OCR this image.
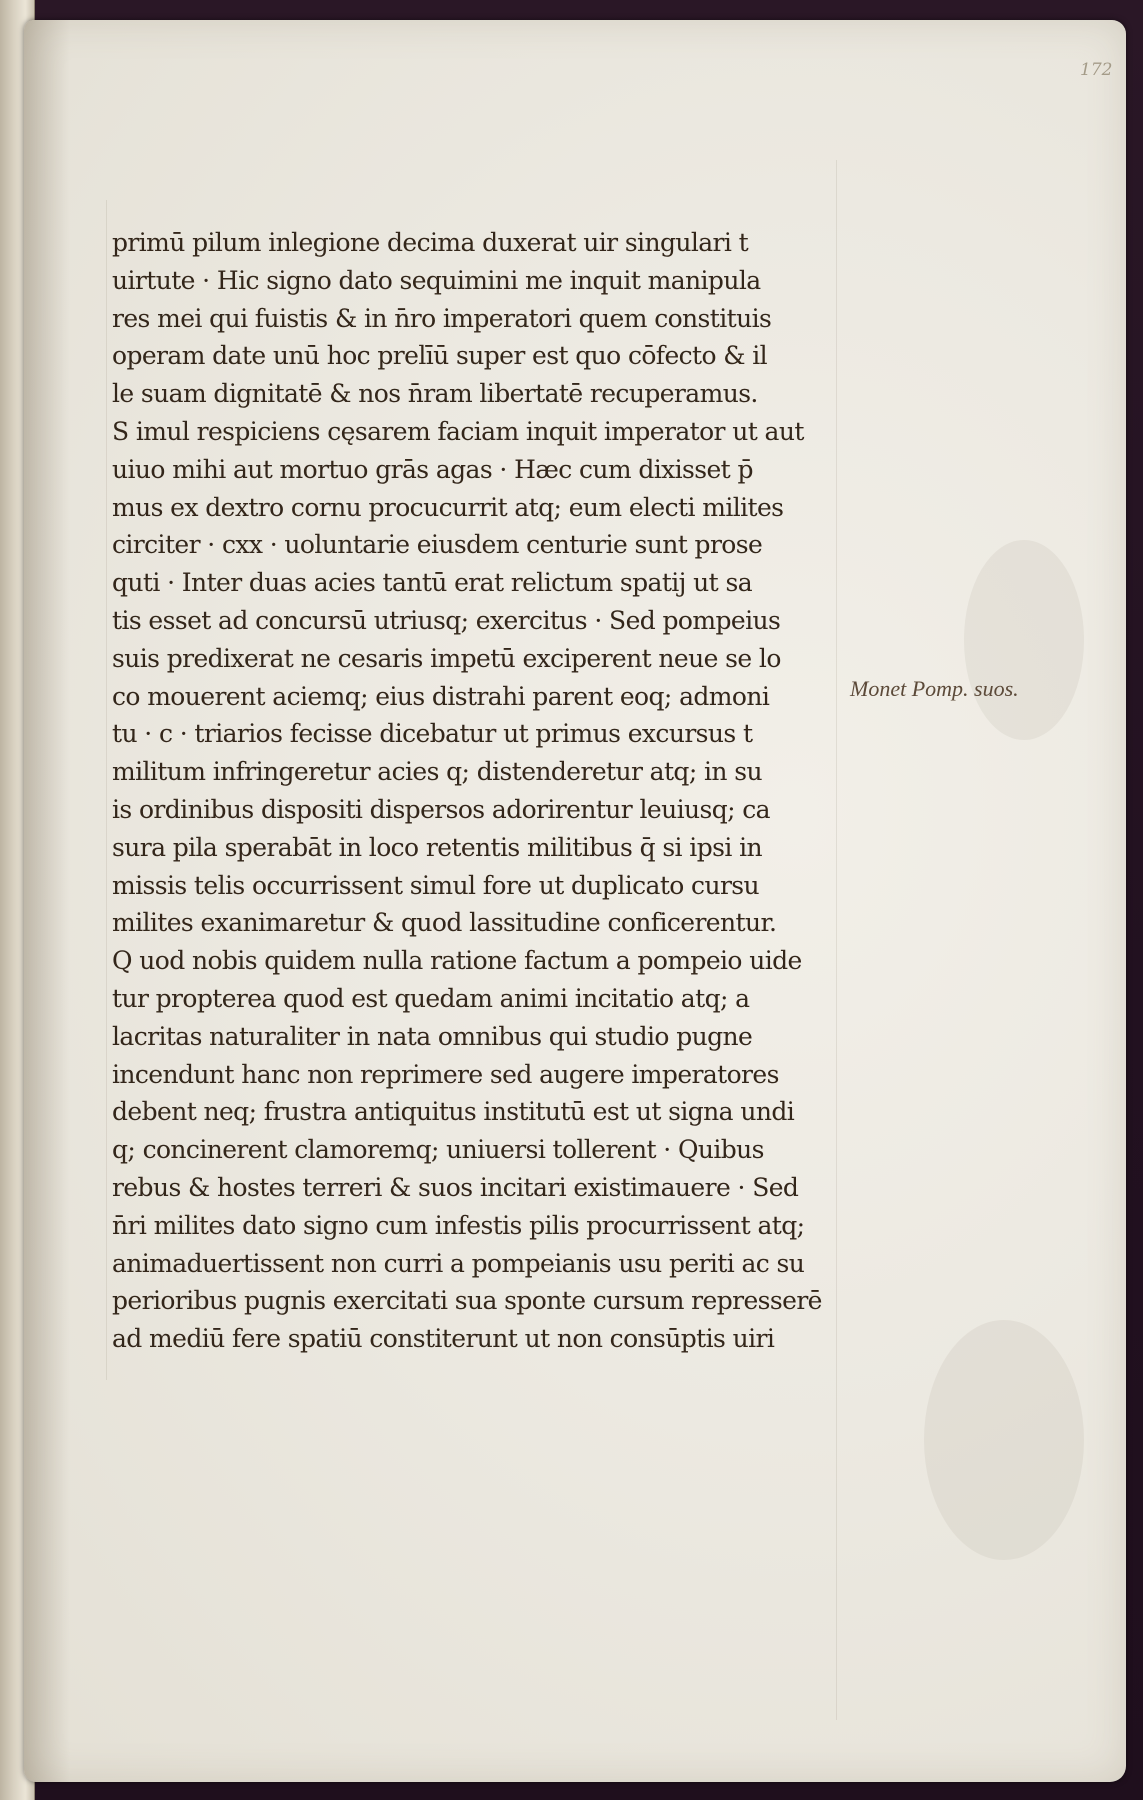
172
primū pilum inlegione decima duxerat uir singulari t
uirtute · Hic signo dato sequimini me inquit manipula
res mei qui fuistis & in n̄ro imperatori quem constituis
operam date unū hoc prelīū super est quo cōfecto & il
le suam dignitatē & nos n̄ram libertatē recuperamus.
S imul respiciens cęsarem faciam inquit imperator ut aut
uiuo mihi aut mortuo grās agas · Hæc cum dixisset p̄
mus ex dextro cornu procucurrit atq; eum electi milites
circiter · cxx · uoluntarie eiusdem centurie sunt prose
quti · Inter duas acies tantū erat relictum spatij ut sa
tis esset ad concursū utriusq; exercitus · Sed pompeius
suis predixerat ne cesaris impetū exciperent neue se lo
co mouerent aciemq; eius distrahi parent eoq; admoni
tu · c · triarios fecisse dicebatur ut primus excursus t
militum infringeretur acies q; distenderetur atq; in su
is ordinibus dispositi dispersos adorirentur leuiusq; ca
sura pila sperabāt in loco retentis militibus q̄ si ipsi in
missis telis occurrissent simul fore ut duplicato cursu
milites exanimaretur & quod lassitudine conficerentur.
Q uod nobis quidem nulla ratione factum a pompeio uide
tur propterea quod est quedam animi incitatio atq; a
lacritas naturaliter in nata omnibus qui studio pugne
incendunt hanc non reprimere sed augere imperatores
debent neq; frustra antiquitus institutū est ut signa undi
q; concinerent clamoremq; uniuersi tollerent · Quibus
rebus & hostes terreri & suos incitari existimauere · Sed
n̄ri milites dato signo cum infestis pilis procurrissent atq;
animaduertissent non curri a pompeianis usu periti ac su
perioribus pugnis exercitati sua sponte cursum represserē
ad mediū fere spatiū constiterunt ut non consūptis uiri
Monet Pomp. suos.
